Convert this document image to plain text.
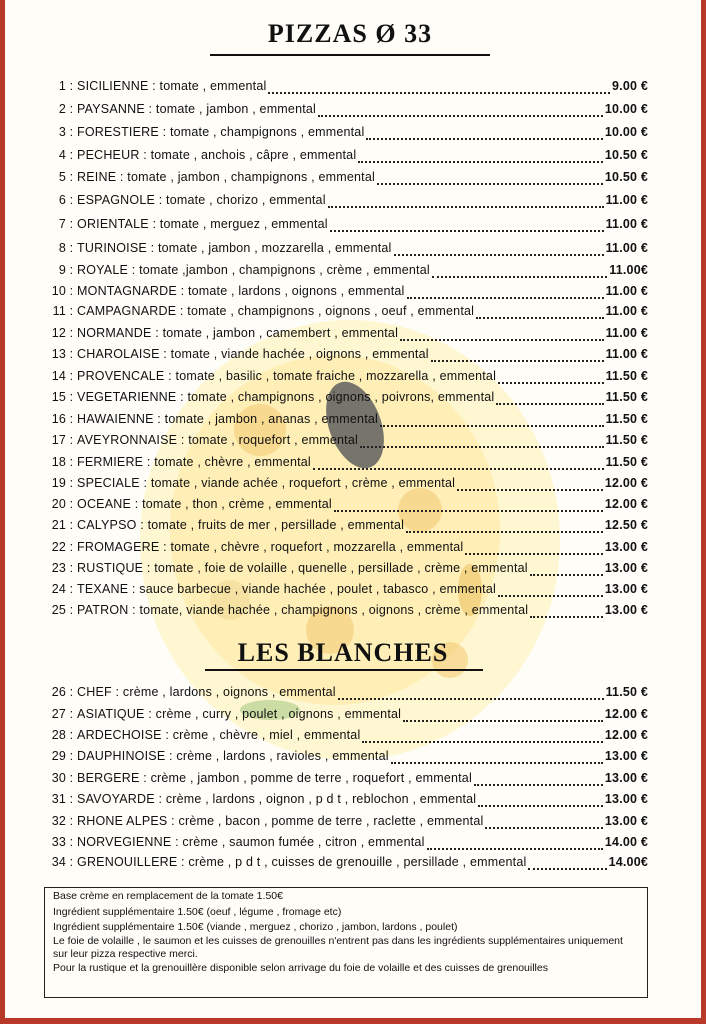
PIZZAS Ø 33
1 : SICILIENNE : tomate , emmental	9.00 €
2 : PAYSANNE : tomate , jambon , emmental	10.00 €
3 : FORESTIERE : tomate , champignons , emmental	10.00 €
4 : PECHEUR : tomate , anchois , câpre , emmental	10.50 €
5 : REINE : tomate , jambon , champignons , emmental	10.50 €
6 : ESPAGNOLE : tomate , chorizo , emmental	11.00 €
7 : ORIENTALE : tomate , merguez , emmental	11.00 €
8 : TURINOISE : tomate , jambon , mozzarella , emmental	11.00 €
9 : ROYALE : tomate ,jambon , champignons , crème , emmental	11.00€
10 : MONTAGNARDE : tomate , lardons , oignons , emmental	11.00 €
11 : CAMPAGNARDE : tomate , champignons , oignons , oeuf , emmental	11.00 €
12 : NORMANDE : tomate , jambon , camembert , emmental	11.00 €
13 : CHAROLAISE : tomate , viande hachée , oignons , emmental	11.00 €
14 : PROVENCALE : tomate , basilic , tomate fraiche , mozzarella , emmental	11.50 €
15 : VEGETARIENNE : tomate , champignons , oignons , poivrons, emmental	11.50 €
16 : HAWAIENNE : tomate , jambon , ananas , emmental	11.50 €
17 : AVEYRONNAISE : tomate , roquefort , emmental	11.50 €
18 : FERMIERE : tomate , chèvre , emmental	11.50 €
19 : SPECIALE : tomate , viande achée , roquefort , crème , emmental	12.00 €
20 : OCEANE : tomate , thon , crème , emmental	12.00 €
21 : CALYPSO : tomate , fruits de mer , persillade , emmental	12.50 €
22 : FROMAGERE : tomate , chèvre , roquefort , mozzarella , emmental	13.00 €
23 : RUSTIQUE : tomate , foie de volaille , quenelle , persillade , crème , emmental	13.00 €
24 : TEXANE : sauce barbecue , viande hachée , poulet , tabasco , emmental	13.00 €
25 : PATRON : tomate, viande hachée , champignons , oignons , crème , emmental	13.00 €
LES BLANCHES
26 : CHEF : crème , lardons , oignons , emmental	11.50 €
27 : ASIATIQUE : crème , curry , poulet , oignons , emmental	12.00 €
28 : ARDECHOISE : crème , chèvre , miel , emmental	12.00 €
29 : DAUPHINOISE : crème , lardons , ravioles , emmental	13.00 €
30 : BERGERE : crème , jambon , pomme de terre , roquefort , emmental	13.00 €
31 : SAVOYARDE : crème , lardons , oignon , p d t , reblochon , emmental	13.00 €
32 : RHONE ALPES : crème , bacon , pomme de terre , raclette , emmental	13.00 €
33 : NORVEGIENNE : crème , saumon fumée , citron , emmental	14.00 €
34 : GRENOUILLERE : crème , p d t , cuisses de grenouille , persillade , emmental	14.00€
Base crème en remplacement de la tomate 1.50€
Ingrédient supplémentaire 1.50€ (oeuf , légume , fromage etc)
Ingrédient supplémentaire 1.50€ (viande , merguez , chorizo , jambon, lardons , poulet)
Le foie de volaille , le saumon et les cuisses de grenouilles n'entrent pas dans les ingrédients supplémentaires uniquement sur leur pizza respective merci.
Pour la rustique et la grenouillère disponible selon arrivage du foie de volaille et des cuisses de grenouilles
